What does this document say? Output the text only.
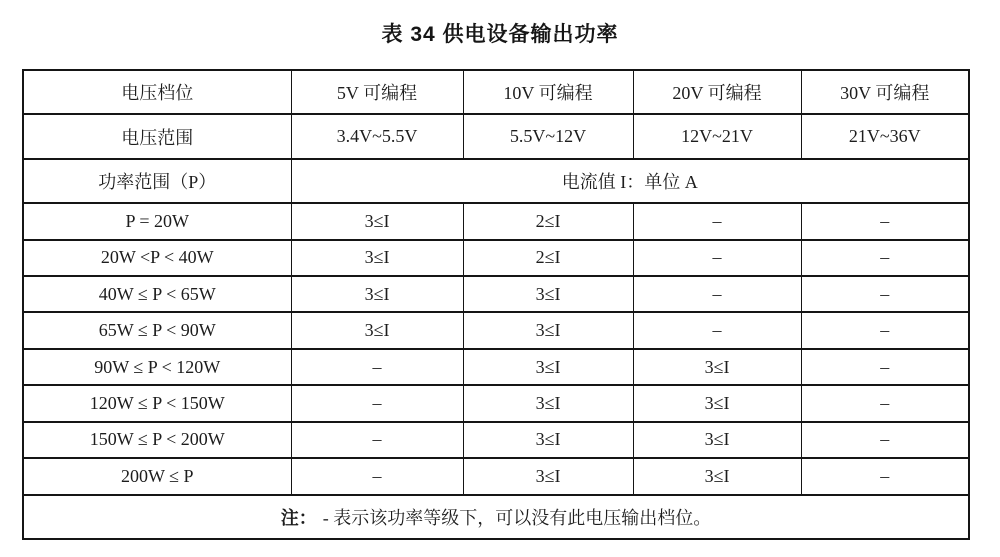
表 34 供电设备输出功率
电压档位	5V 可编程	10V 可编程	20V 可编程	30V 可编程
电压范围	3.4V~5.5V	5.5V~12V	12V~21V	21V~36V
功率范围（P）	电流值 I：单位 A			
P = 20W	3≤I	2≤I	–	–
20W <P < 40W	3≤I	2≤I	–	–
40W ≤ P < 65W	3≤I	3≤I	–	–
65W ≤ P < 90W	3≤I	3≤I	–	–
90W ≤ P < 120W	–	3≤I	3≤I	–
120W ≤ P < 150W	–	3≤I	3≤I	–
150W ≤ P < 200W	–	3≤I	3≤I	–
200W ≤ P	–	3≤I	3≤I	–
注： - 表示该功率等级下，可以没有此电压输出档位。				
